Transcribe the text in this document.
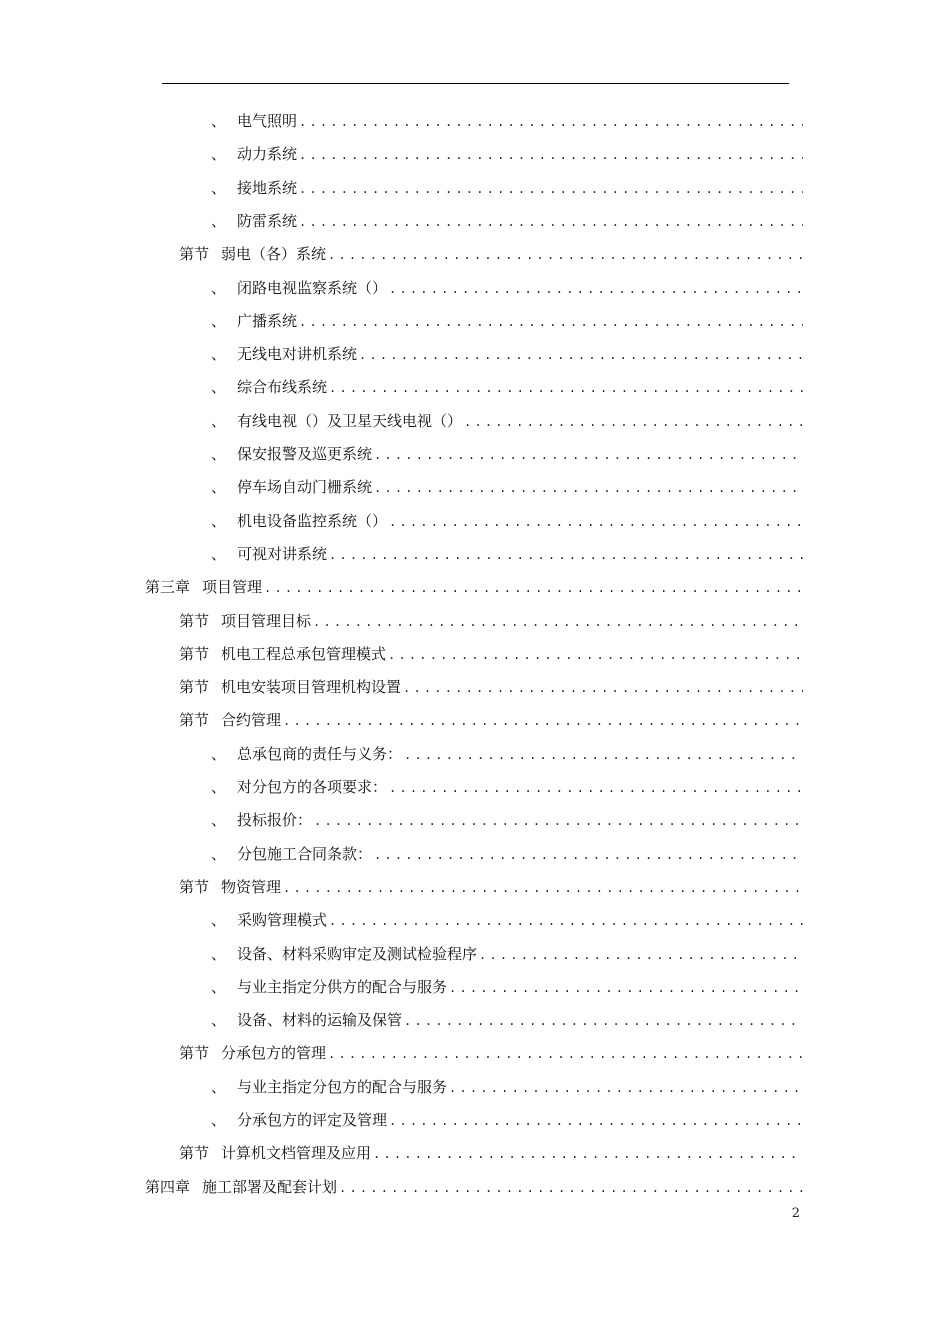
、 电气照明
.....
、 动力系统
.....
、 接地系统
.....
、 防雷系统
.....
第节 弱电（各）系统
.....
、 闭路电视监察系统（）
.....
、 广播系统
.....
、 无线电对讲机系统
.....
、 综合布线系统
.....
、 有线电视（）及卫星天线电视（）
.....
、 保安报警及巡更系统
.....
、 停车场自动门栅系统
.....
、 机电设备监控系统（）
.....
、 可视对讲系统
.....
第三章 项目管理
.....
第节 项目管理目标
.....
第节 机电工程总承包管理模式
.....
第节 机电安装项目管理机构设置
.....
第节 合约管理
.....
、 总承包商的责任与义务：
.....
、 对分包方的各项要求：
.....
、 投标报价：
.....
、 分包施工合同条款：
.....
第节 物资管理
.....
、 采购管理模式
.....
、 设备、材料采购审定及测试检验程序
.....
、 与业主指定分供方的配合与服务
.....
、 设备、材料的运输及保管
.....
第节 分承包方的管理
.....
、 与业主指定分包方的配合与服务
.....
、 分承包方的评定及管理
.....
第节 计算机文档管理及应用
.....
第四章 施工部署及配套计划
.....
2
